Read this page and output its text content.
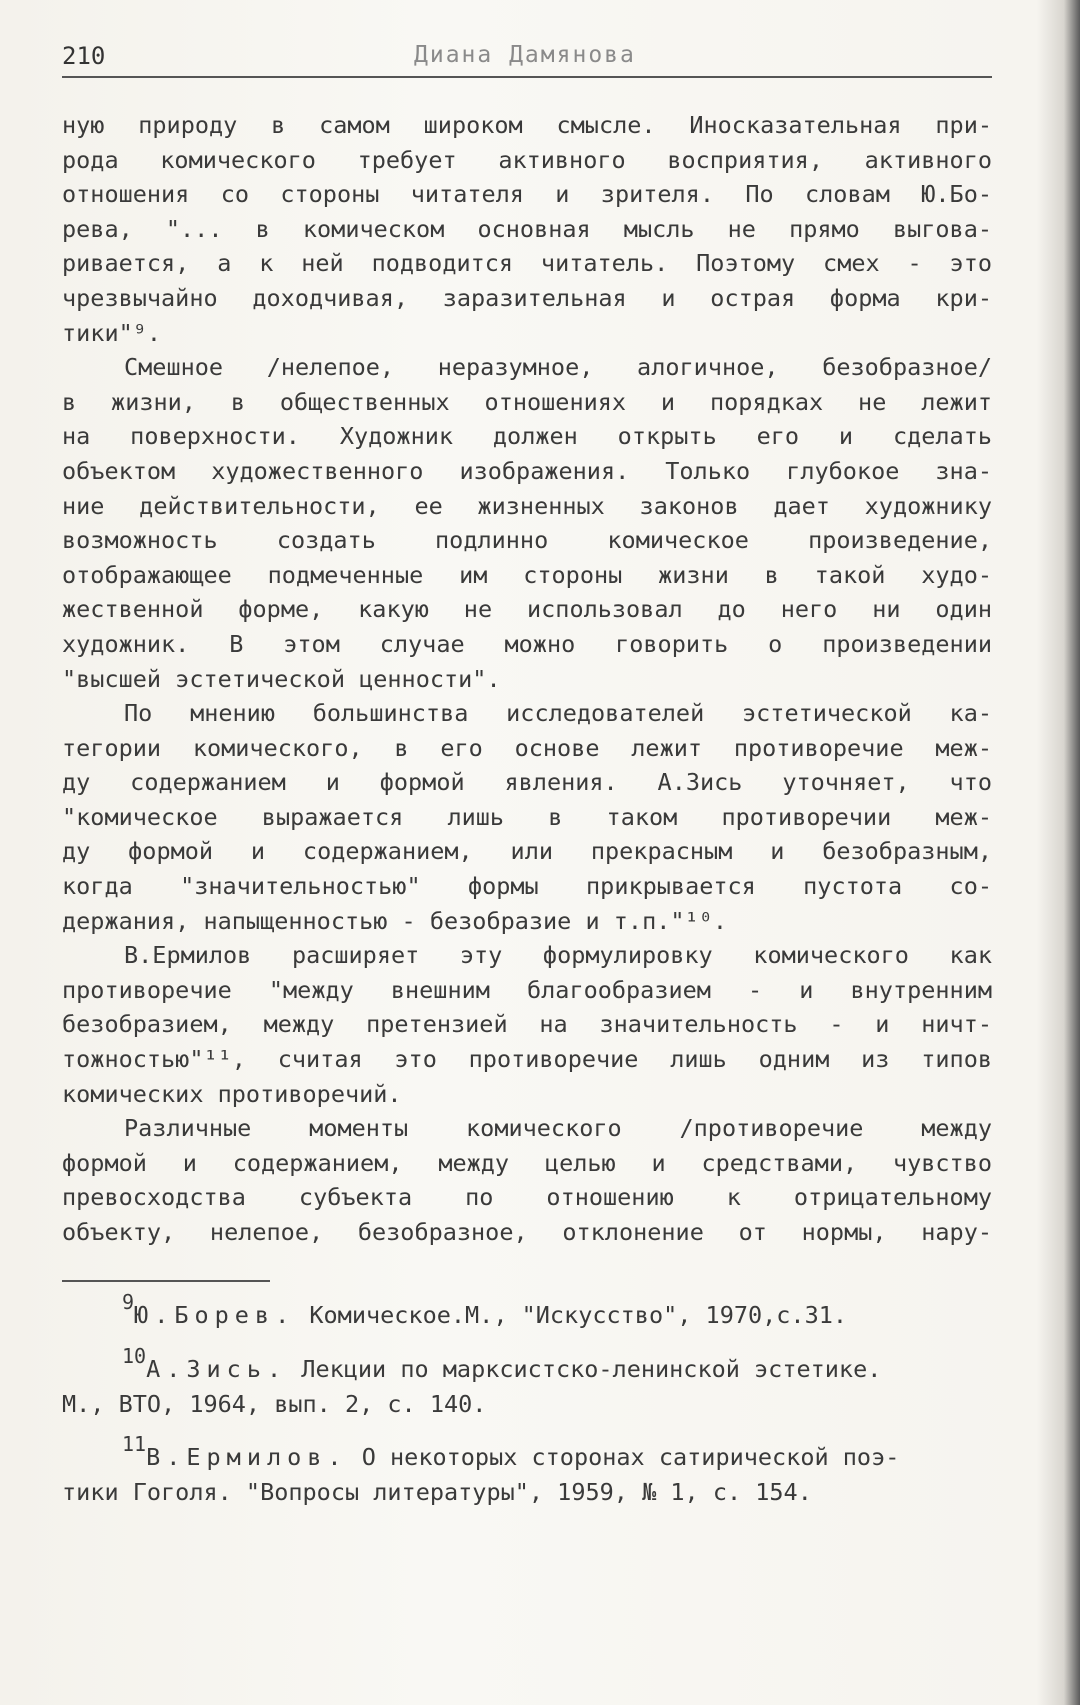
210	Диана Дамянова
ную природу в самом широком смысле. Иносказательная при-
рода комического требует активного восприятия, активного
отношения со стороны читателя и зрителя. По словам Ю.Бо-
рева, "... в комическом основная мысль не прямо выгова-
ривается, а к ней подводится читатель. Поэтому смех - это
чрезвычайно доходчивая, заразительная и острая форма кри-
тики"⁹.
Смешное /нелепое, неразумное, алогичное, безобразное/
в жизни, в общественных отношениях и порядках не лежит
на поверхности. Художник должен открыть его и сделать
объектом художественного изображения. Только глубокое зна-
ние действительности, ее жизненных законов дает художнику
возможность создать подлинно комическое произведение,
отображающее подмеченные им стороны жизни в такой худо-
жественной форме, какую не использовал до него ни один
художник. В этом случае можно говорить о произведении
"высшей эстетической ценности".
По мнению большинства исследователей эстетической ка-
тегории комического, в его основе лежит противоречие меж-
ду содержанием и формой явления. А.Зись уточняет, что
"комическое выражается лишь в таком противоречии меж-
ду формой и содержанием, или прекрасным и безобразным,
когда "значительностью" формы прикрывается пустота со-
держания, напыщенностью - безобразие и т.п."¹⁰.
В.Ермилов расширяет эту формулировку комического как
противоречие "между внешним благообразием - и внутренним
безобразием, между претензией на значительность - и ничт-
тожностью"¹¹, считая это противоречие лишь одним из типов
комических противоречий.
Различные моменты комического /противоречие между
формой и содержанием, между целью и средствами, чувство
превосходства субъекта по отношению к отрицательному
объекту, нелепое, безобразное, отклонение от нормы, нару-
9Ю.Борев. Комическое.М., "Искусство", 1970,с.31.
10А.Зись. Лекции по марксистско-ленинской эстетике.
М., ВТО, 1964, вып. 2, с. 140.
11В.Ермилов. О некоторых сторонах сатирической поэ-
тики Гоголя. "Вопросы литературы", 1959, № 1, с. 154.
